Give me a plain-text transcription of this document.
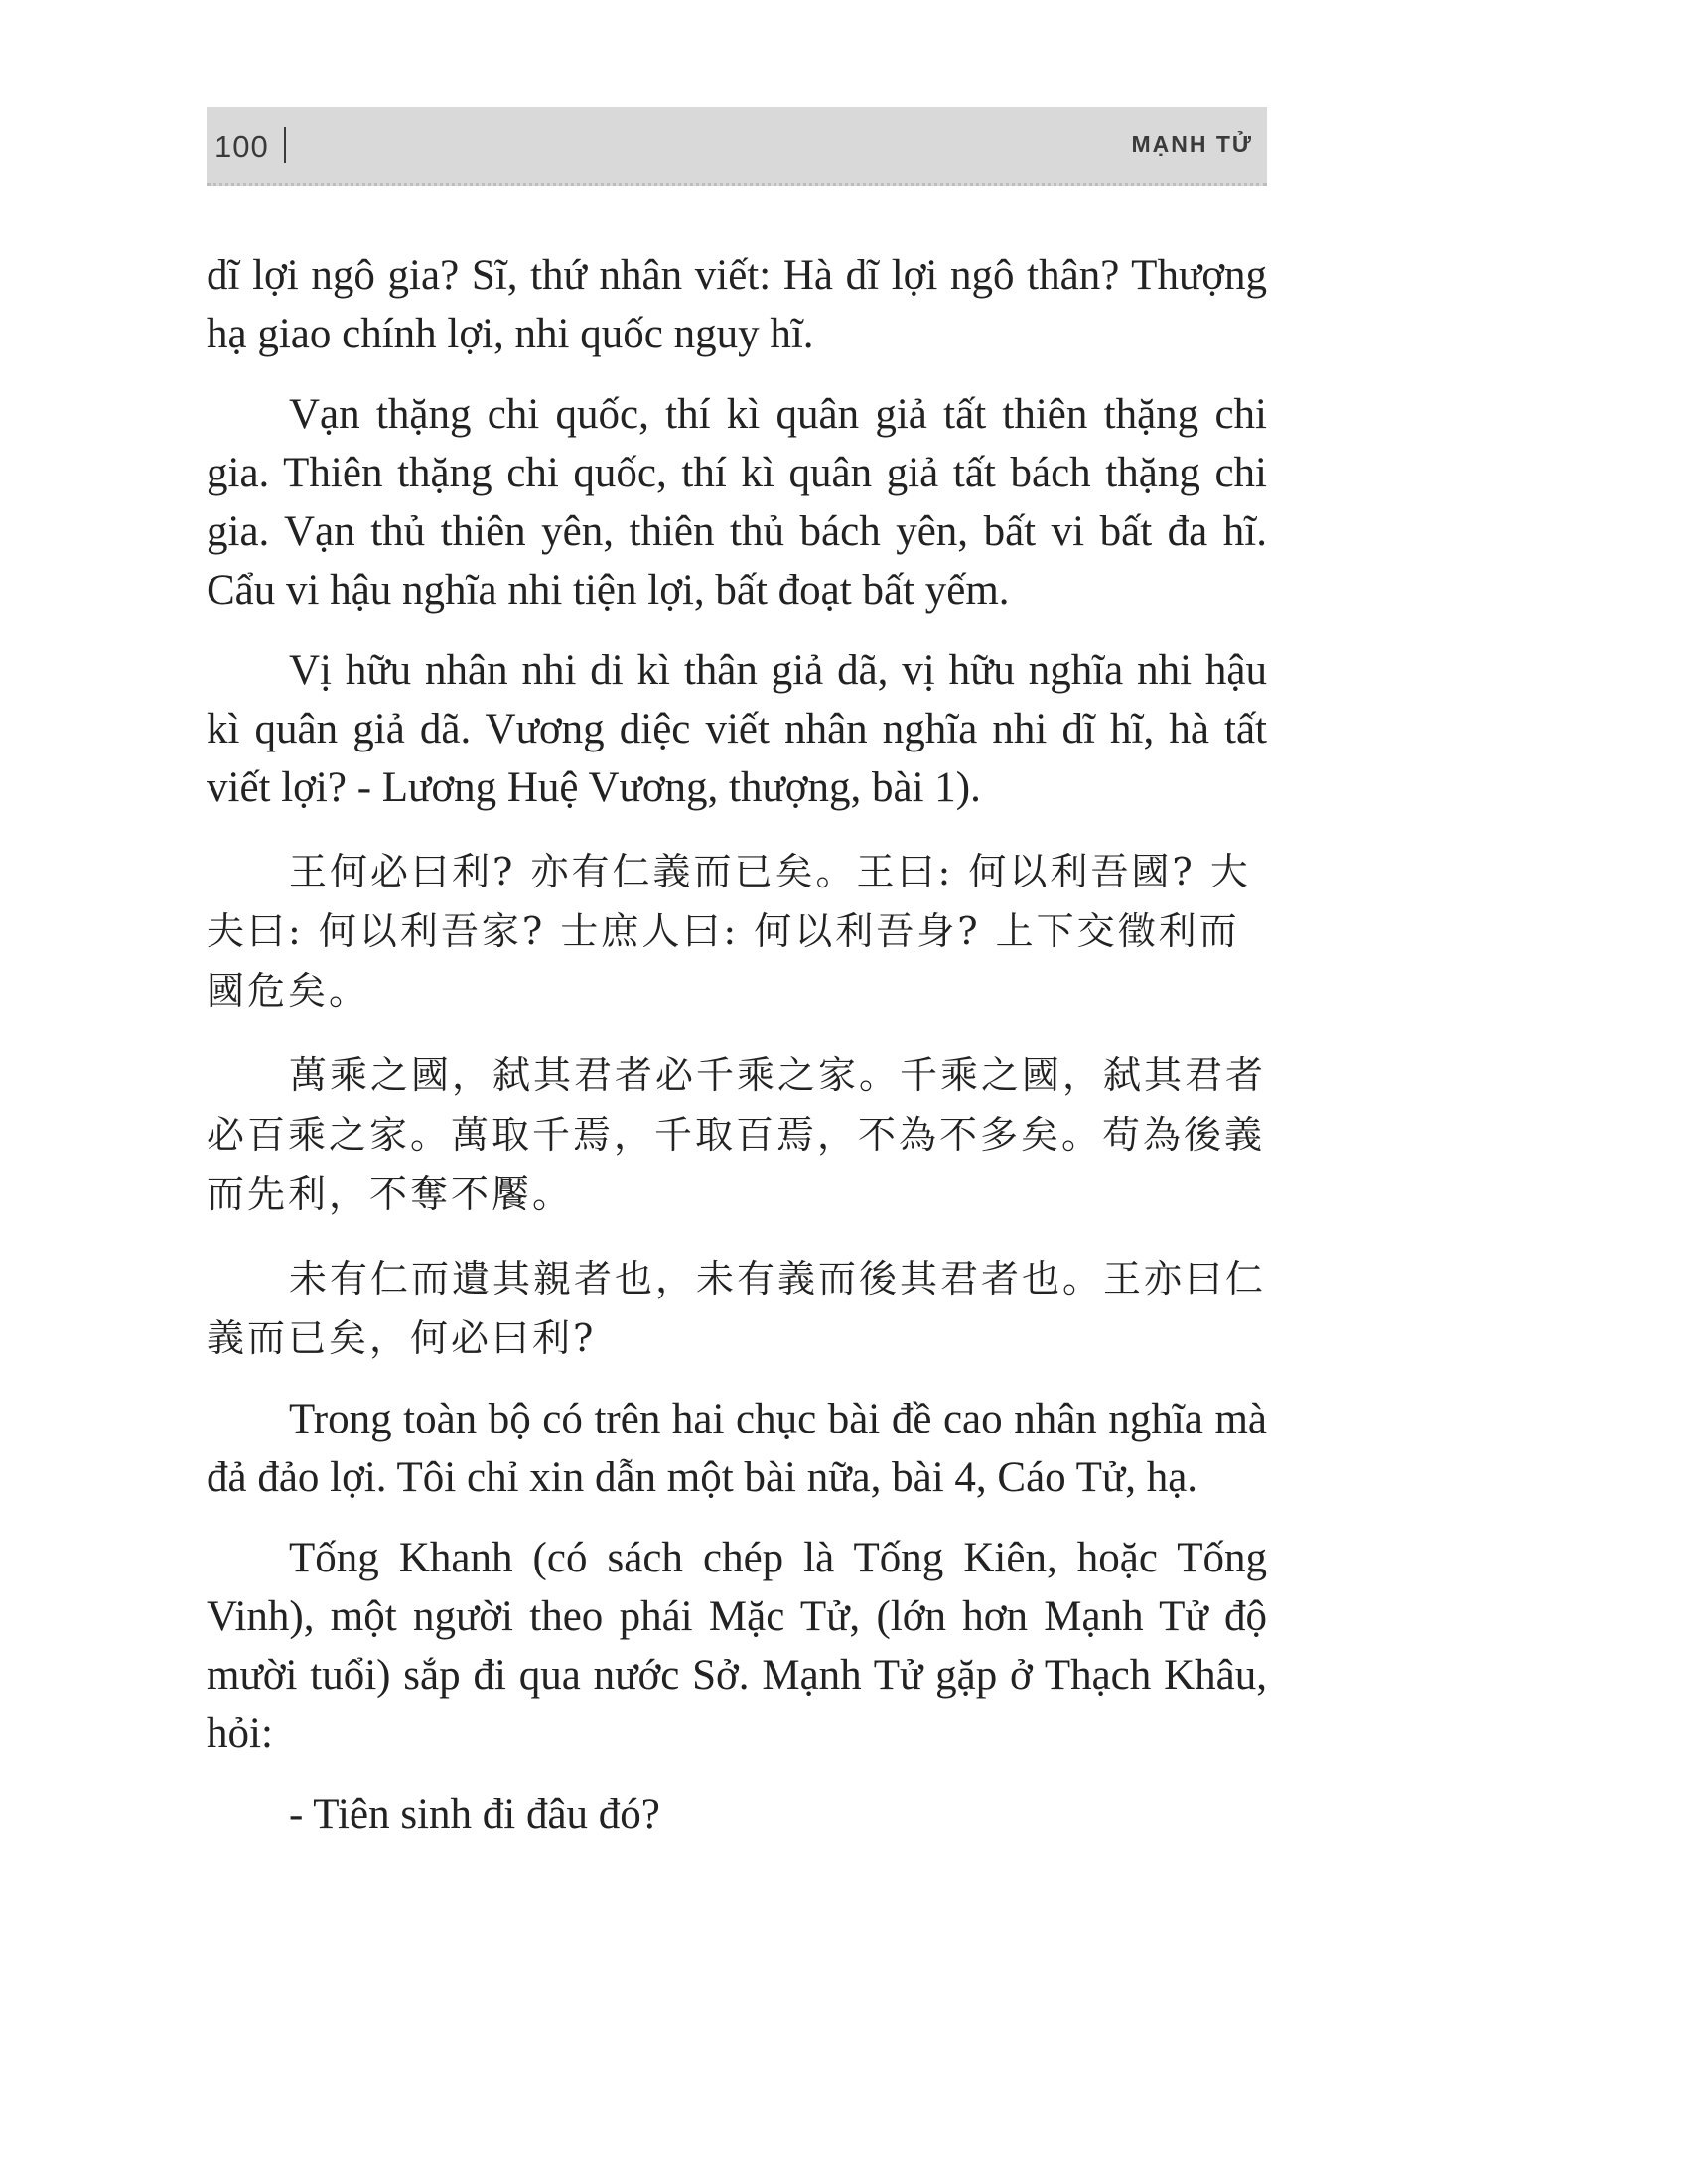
100	MẠNH TỬ

dĩ lợi ngô gia? Sĩ, thứ nhân viết: Hà dĩ lợi ngô thân? Thượng hạ giao chính lợi, nhi quốc nguy hĩ.

Vạn thặng chi quốc, thí kì quân giả tất thiên thặng chi gia. Thiên thặng chi quốc, thí kì quân giả tất bách thặng chi gia. Vạn thủ thiên yên, thiên thủ bách yên, bất vi bất đa hĩ. Cẩu vi hậu nghĩa nhi tiện lợi, bất đoạt bất yếm.

Vị hữu nhân nhi di kì thân giả dã, vị hữu nghĩa nhi hậu kì quân giả dã. Vương diệc viết nhân nghĩa nhi dĩ hĩ, hà tất viết lợi? - Lương Huệ Vương, thượng, bài 1).

王何必曰利? 亦有仁義而已矣。王曰: 何以利吾國? 大夫曰: 何以利吾家? 士庶人曰: 何以利吾身? 上下交徵利而國危矣。

萬乘之國，弑其君者必千乘之家。千乘之國，弑其君者必百乘之家。萬取千焉，千取百焉，不為不多矣。苟為後義而先利，不奪不饜。

未有仁而遺其親者也，未有義而後其君者也。王亦曰仁義而已矣，何必曰利?

Trong toàn bộ có trên hai chục bài đề cao nhân nghĩa mà đả đảo lợi. Tôi chỉ xin dẫn một bài nữa, bài 4, Cáo Tử, hạ.

Tống Khanh (có sách chép là Tống Kiên, hoặc Tống Vinh), một người theo phái Mặc Tử, (lớn hơn Mạnh Tử độ mười tuổi) sắp đi qua nước Sở. Mạnh Tử gặp ở Thạch Khâu, hỏi:

- Tiên sinh đi đâu đó?
